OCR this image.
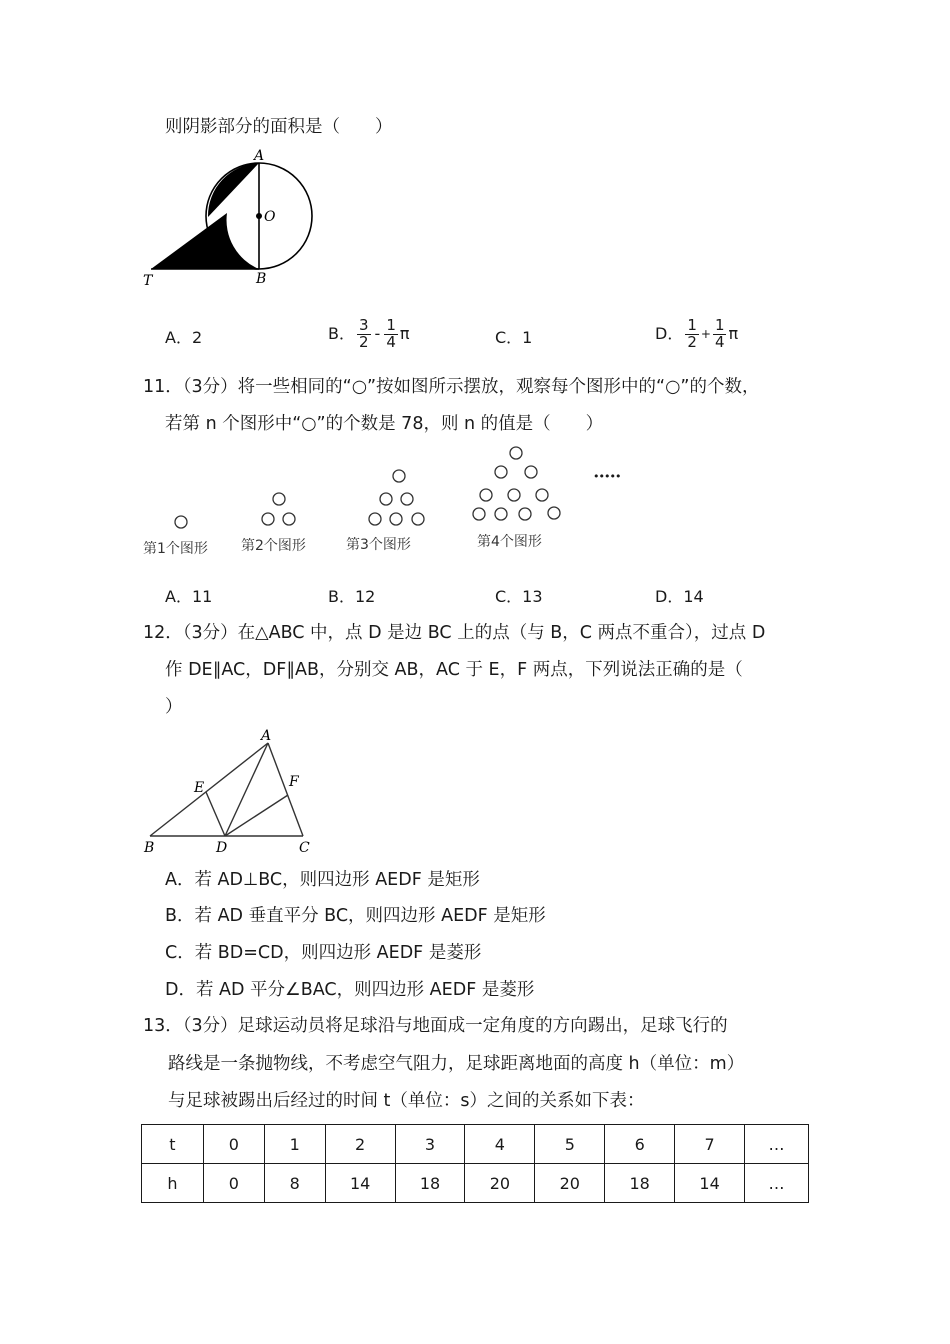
则阴影部分的面积是（　　）
A
O
B
T
A．2	B． $\frac{3}{2} - \frac{1}{4}$ π	C．1	D． $\frac{1}{2} + \frac{1}{4}$ π
11．（3分）将一些相同的“○”按如图所示摆放，观察每个图形中的“○”的个数，
若第 n 个图形中“○”的个数是 78，则 n 的值是（　　）
第1个图形 第2个图形	第3个图形	第4个图形
•••••
A．11	B．12	C．13	D．14
12．（3分）在△ABC 中，点 D 是边 BC 上的点（与 B，C 两点不重合），过点 D
作 DE∥AC，DF∥AB，分别交 AB，AC 于 E，F 两点，下列说法正确的是（
）
A
E	F
B	D	C
A．若 AD⊥BC，则四边形 AEDF 是矩形
B．若 AD 垂直平分 BC，则四边形 AEDF 是矩形
C．若 BD=CD，则四边形 AEDF 是菱形
D．若 AD 平分∠BAC，则四边形 AEDF 是菱形
13．（3分）足球运动员将足球沿与地面成一定角度的方向踢出，足球飞行的
路线是一条抛物线，不考虑空气阻力，足球距离地面的高度 h（单位：m）
与足球被踢出后经过的时间 t（单位：s）之间的关系如下表：
t	0	1	2	3	4	5	6	7	…
h	0	8	14	18	20	20	18	14	…
